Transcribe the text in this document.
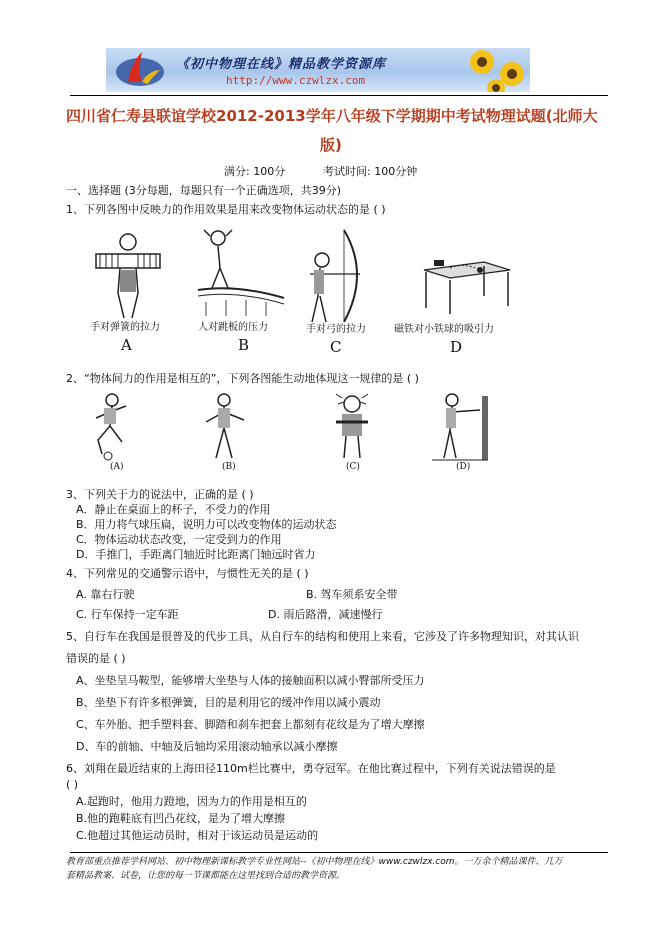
《初中物理在线》精品教学资源库
http://www.czwlzx.com
四川省仁寿县联谊学校2012-2013学年八年级下学期期中考试物理试题(北师大
版)
满分: 100分	考试时间: 100分钟
一、选择题 (3分每题，每题只有一个正确选项，共39分)
1、下列各图中反映力的作用效果是用来改变物体运动状态的是 ( )
手对弹簧的拉力
A
人对跳板的压力
B
手对弓的拉力
C
磁铁对小铁球的吸引力
D
2、“物体间力的作用是相互的”，下列各图能生动地体现这一规律的是 ( )
(A)	(B)	(C)	(D)
3、下列关于力的说法中，正确的是 ( )
A．静止在桌面上的杯子，不受力的作用
B．用力将气球压扁，说明力可以改变物体的运动状态
C．物体运动状态改变，一定受到力的作用
D．手推门，手距离门轴近时比距离门轴远时省力
4、下列常见的交通警示语中，与惯性无关的是 ( )
A. 靠右行驶	B. 驾车须系安全带
C. 行车保持一定车距	D. 雨后路滑，减速慢行
5、自行车在我国是很普及的代步工具，从自行车的结构和使用上来看，它涉及了许多物理知识，对其认识
错误的是 ( )
A、坐垫呈马鞍型，能够增大坐垫与人体的接触面积以减小臀部所受压力
B、坐垫下有许多根弹簧，目的是利用它的缓冲作用以减小震动
C、车外胎、把手塑料套、脚踏和刹车把套上都刻有花纹是为了增大摩擦
D、车的前轴、中轴及后轴均采用滚动轴承以减小摩擦
6、刘翔在最近结束的上海田径110m栏比赛中，勇夺冠军。在他比赛过程中，下列有关说法错误的是
( )
A.起跑时，他用力蹬地，因为力的作用是相互的
B.他的跑鞋底有凹凸花纹，是为了增大摩擦
C.他超过其他运动员时，相对于该运动员是运动的
教育部重点推荐学科网站、初中物理新课标教学专业性网站--《初中物理在线》www.czwlzx.com。一万余个精品课件、几万
套精品教案、试卷，让您的每一节课都能在这里找到合适的教学资源。
